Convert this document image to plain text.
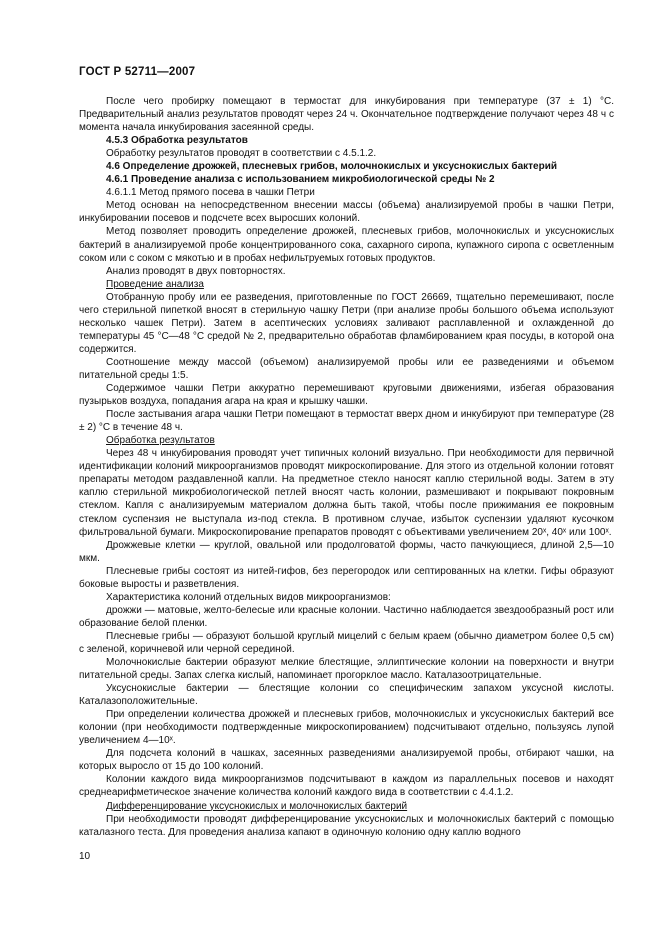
ГОСТ Р 52711—2007

После чего пробирку помещают в термостат для инкубирования при температуре (37 ± 1) °С. Предварительный анализ результатов проводят через 24 ч. Окончательное подтверждение получают через 48 ч с момента начала инкубирования засеянной среды.

4.5.3 Обработка результатов

Обработку результатов проводят в соответствии с 4.5.1.2.

4.6 Определение дрожжей, плесневых грибов, молочнокислых и уксуснокислых бактерий

4.6.1 Проведение анализа с использованием микробиологической среды № 2

4.6.1.1 Метод прямого посева в чашки Петри

Метод основан на непосредственном внесении массы (объема) анализируемой пробы в чашки Петри, инкубировании посевов и подсчете всех выросших колоний.

Метод позволяет проводить определение дрожжей, плесневых грибов, молочнокислых и уксуснокислых бактерий в анализируемой пробе концентрированного сока, сахарного сиропа, купажного сиропа с осветленным соком или с соком с мякотью и в пробах нефильтруемых готовых продуктов.

Анализ проводят в двух повторностях.

Проведение анализа

Отобранную пробу или ее разведения, приготовленные по ГОСТ 26669, тщательно перемешивают, после чего стерильной пипеткой вносят в стерильную чашку Петри (при анализе пробы большого объема используют несколько чашек Петри). Затем в асептических условиях заливают расплавленной и охлажденной до температуры 45 °С—48 °С средой № 2, предварительно обработав фламбированием края посуды, в которой она содержится.

Соотношение между массой (объемом) анализируемой пробы или ее разведениями и объемом питательной среды 1:5.

Содержимое чашки Петри аккуратно перемешивают круговыми движениями, избегая образования пузырьков воздуха, попадания агара на края и крышку чашки.

После застывания агара чашки Петри помещают в термостат вверх дном и инкубируют при температуре (28 ± 2) °С в течение 48 ч.

Обработка результатов

Через 48 ч инкубирования проводят учет типичных колоний визуально. При необходимости для первичной идентификации колоний микроорганизмов проводят микроскопирование. Для этого из отдельной колонии готовят препараты методом раздавленной капли. На предметное стекло наносят каплю стерильной воды. Затем в эту каплю стерильной микробиологической петлей вносят часть колонии, размешивают и покрывают покровным стеклом. Капля с анализируемым материалом должна быть такой, чтобы после прижимания ее покровным стеклом суспензия не выступала из-под стекла. В противном случае, избыток суспензии удаляют кусочком фильтровальной бумаги. Микроскопирование препаратов проводят с объективами увеличением 20ˣ, 40ˣ или 100ˣ.

Дрожжевые клетки — круглой, овальной или продолговатой формы, часто пачкующиеся, длиной 2,5—10 мкм.

Плесневые грибы состоят из нитей-гифов, без перегородок или септированных на клетки. Гифы образуют боковые выросты и разветвления.

Характеристика колоний отдельных видов микроорганизмов:

дрожжи — матовые, желто-белесые или красные колонии. Частично наблюдается звездообразный рост или образование белой пленки.

Плесневые грибы — образуют большой круглый мицелий с белым краем (обычно диаметром более 0,5 см) с зеленой, коричневой или черной серединой.

Молочнокислые бактерии образуют мелкие блестящие, эллиптические колонии на поверхности и внутри питательной среды. Запах слегка кислый, напоминает прогорклое масло. Каталазоотрицательные.

Уксуснокислые бактерии — блестящие колонии со специфическим запахом уксусной кислоты. Каталазоположительные.

При определении количества дрожжей и плесневых грибов, молочнокислых и уксуснокислых бактерий все колонии (при необходимости подтвержденные микроскопированием) подсчитывают отдельно, пользуясь лупой увеличением 4—10ˣ.

Для подсчета колоний в чашках, засеянных разведениями анализируемой пробы, отбирают чашки, на которых выросло от 15 до 100 колоний.

Колонии каждого вида микроорганизмов подсчитывают в каждом из параллельных посевов и находят среднеарифметическое значение количества колоний каждого вида в соответствии с 4.4.1.2.

Дифференцирование уксуснокислых и молочнокислых бактерий

При необходимости проводят дифференцирование уксуснокислых и молочнокислых бактерий с помощью каталазного теста. Для проведения анализа капают в одиночную колонию одну каплю водного

10
